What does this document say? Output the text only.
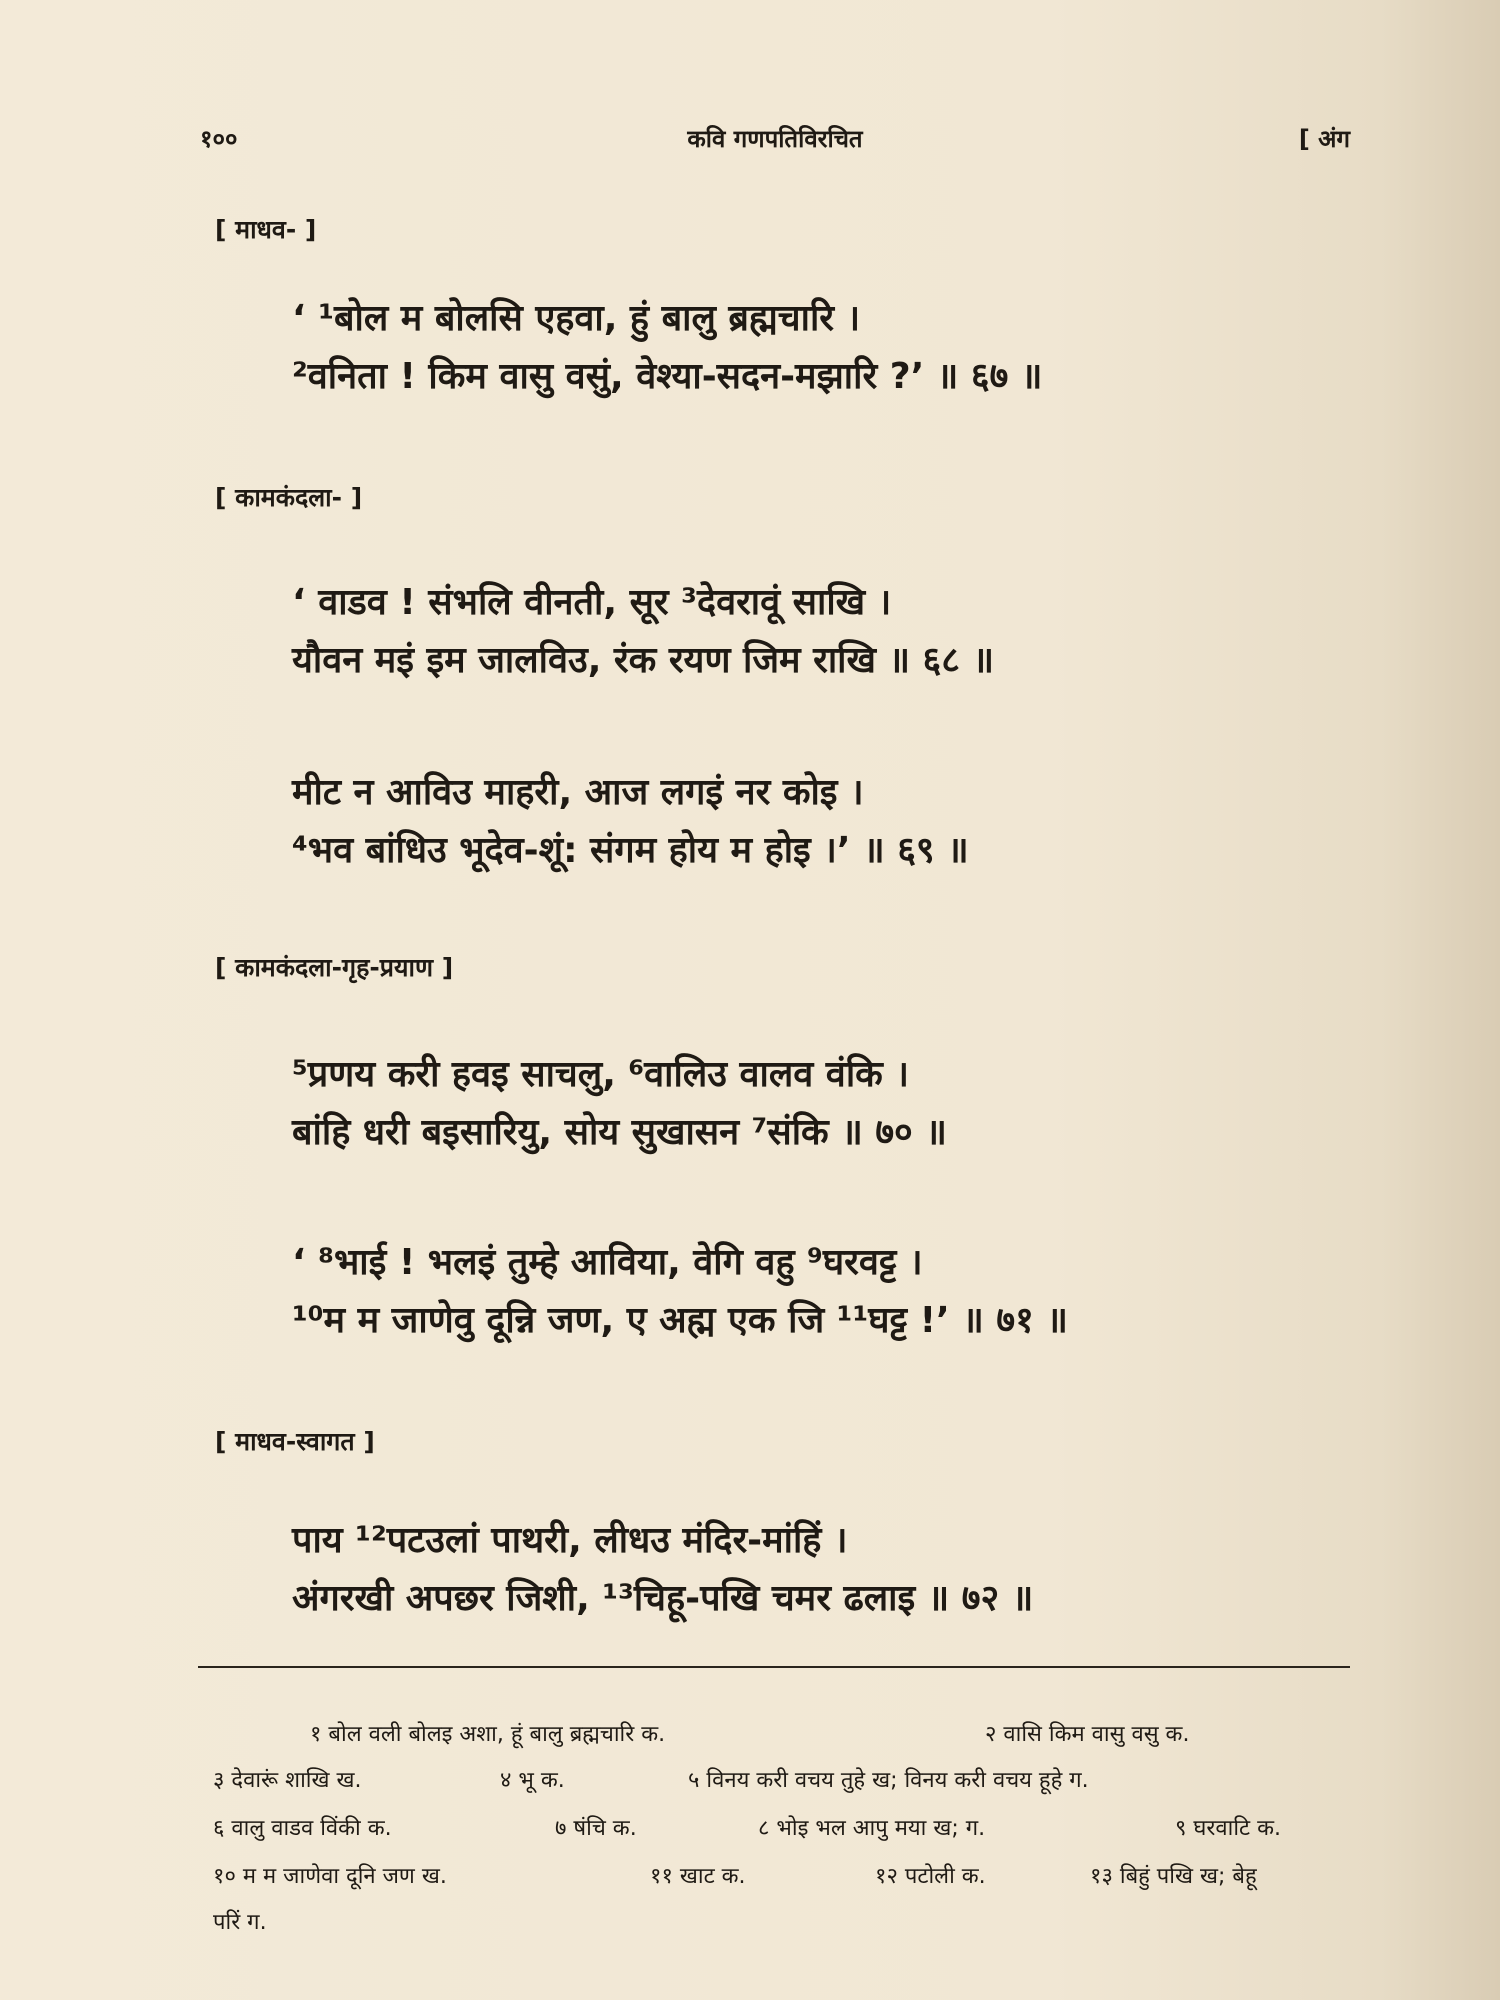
१००	कवि गणपतिविरचित	[ अंग
[ माधव- ]
‘ ¹बोल म बोलसि एहवा, हुं बालु ब्रह्मचारि ।
²वनिता ! किम वासु वसुं, वेश्या-सदन-मझारि ?’ ॥ ६७ ॥
[ कामकंदला- ]
‘ वाडव ! संभलि वीनती, सूर ³देवरावूं साखि ।
यौवन मइं इम जालविउ, रंक रयण जिम राखि ॥ ६८ ॥
मीट न आविउ माहरी, आज लगइं नर कोइ ।
⁴भव बांधिउ भूदेव-शूं: संगम होय म होइ ।’ ॥ ६९ ॥
[ कामकंदला-गृह-प्रयाण ]
⁵प्रणय करी हवइ साचलु, ⁶वालिउ वालव वंकि ।
बांहि धरी बइसारियु, सोय सुखासन ⁷संकि ॥ ७० ॥
‘ ⁸भाई ! भलइं तुम्हे आविया, वेगि वहु ⁹घरवट्ट ।
¹⁰म म जाणेवु दून्नि जण, ए अह्म एक जि ¹¹घट्ट !’ ॥ ७१ ॥
[ माधव-स्वागत ]
पाय ¹²पटउलां पाथरी, लीधउ मंदिर-मांहिं ।
अंगरखी अपछर जिशी, ¹³चिहू-पखि चमर ढलाइ ॥ ७२ ॥
१ बोल वली बोलइ अशा, हूं बालु ब्रह्मचारि क.	२ वासि किम वासु वसु क.
३ देवारूं शाखि ख.	४ भू क.	५ विनय करी वचय तुहे ख; विनय करी वचय हूहे ग.
६ वालु वाडव विंकी क.	७ षंचि क.	८ भोइ भल आपु मया ख; ग.	९ घरवाटि क.
१० म म जाणेवा दूनि जण ख.	११ खाट क.	१२ पटोली क.	१३ बिहुं पखि ख; बेहू
परिं ग.
